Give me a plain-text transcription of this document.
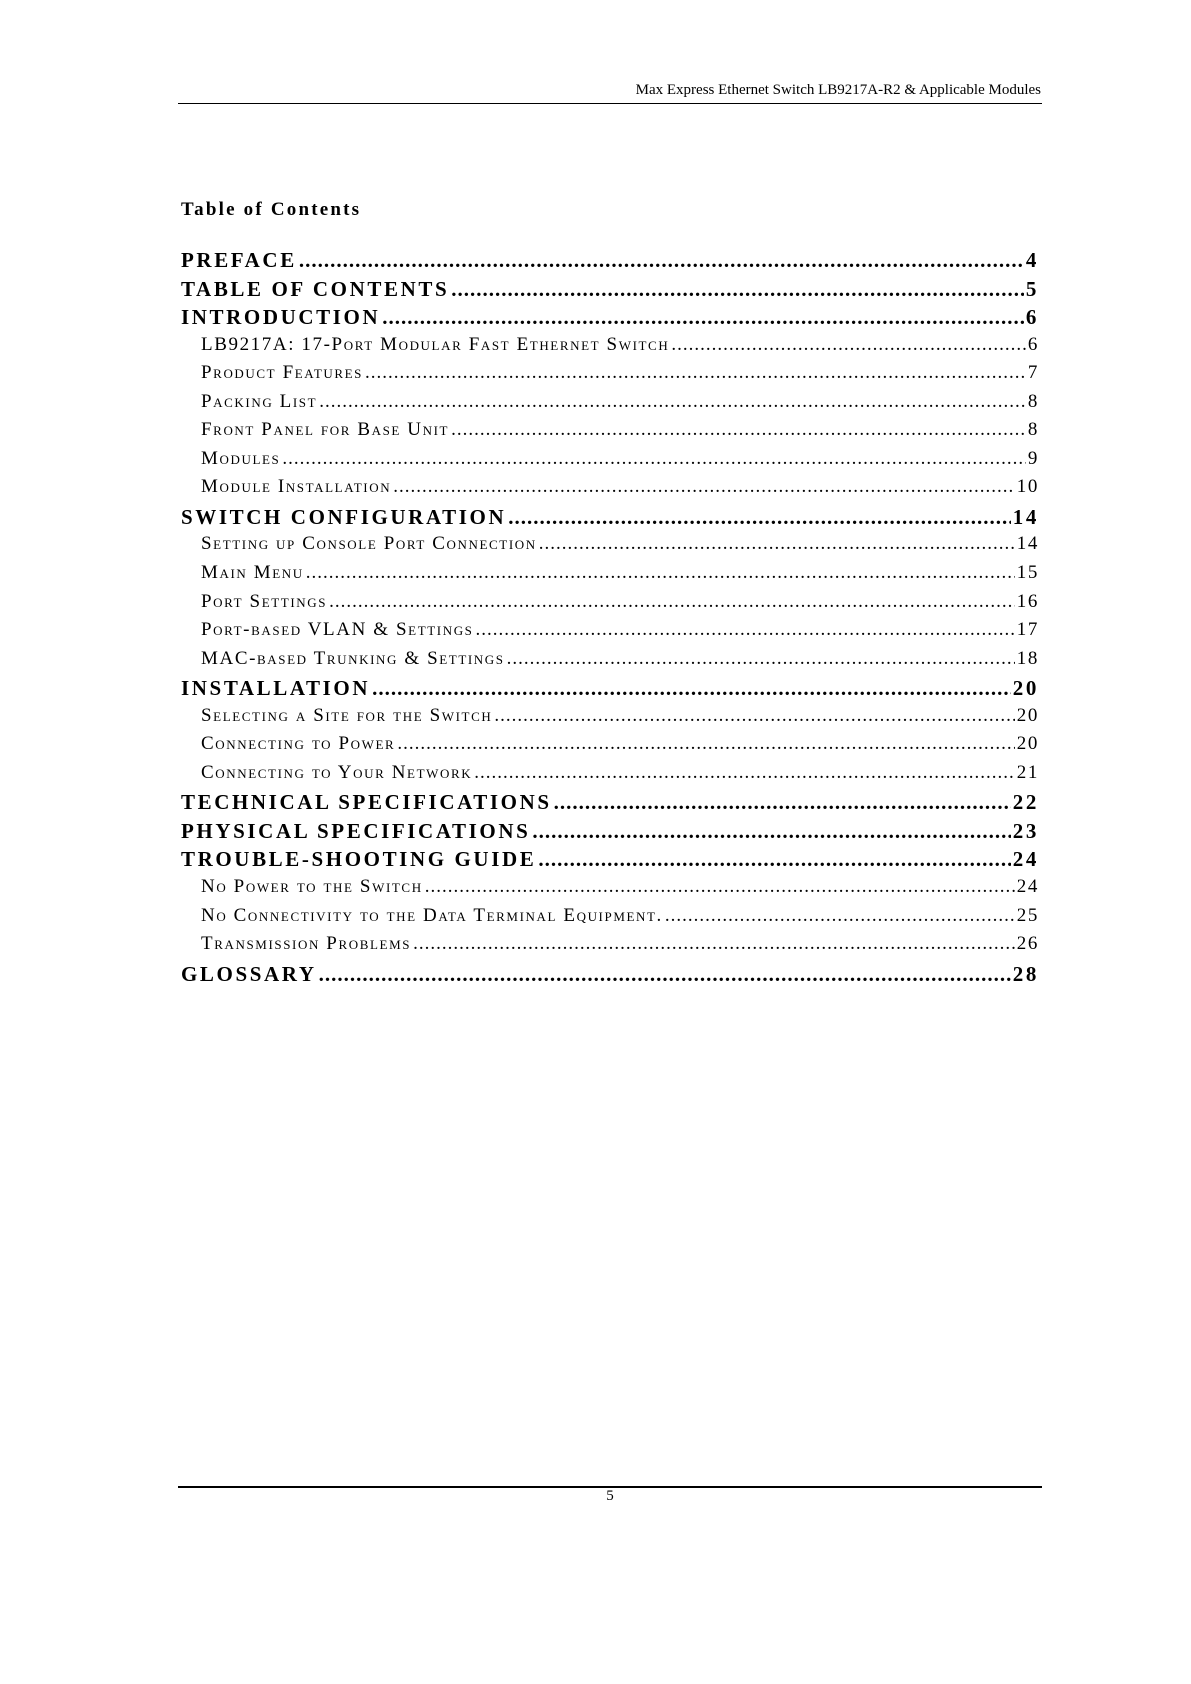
Max Express Ethernet Switch LB9217A-R2 & Applicable Modules
Table of Contents
PREFACE .....	4
TABLE OF CONTENTS .....	5
INTRODUCTION .....	6
LB9217A: 17-Port Modular Fast Ethernet Switch .....	6
Product Features .....	7
Packing List .....	8
Front Panel for Base Unit .....	8
Modules .....	9
Module Installation .....	10
SWITCH CONFIGURATION .....	14
Setting up Console Port Connection .....	14
Main Menu .....	15
Port Settings .....	16
Port-based VLAN & Settings .....	17
MAC-based Trunking & Settings .....	18
INSTALLATION .....	20
Selecting a Site for the Switch .....	20
Connecting to Power .....	20
Connecting to Your Network .....	21
TECHNICAL SPECIFICATIONS .....	22
PHYSICAL SPECIFICATIONS .....	23
TROUBLE-SHOOTING GUIDE .....	24
No Power to the Switch .....	24
No Connectivity to the Data Terminal Equipment. .....	25
Transmission Problems .....	26
GLOSSARY .....	28
5
